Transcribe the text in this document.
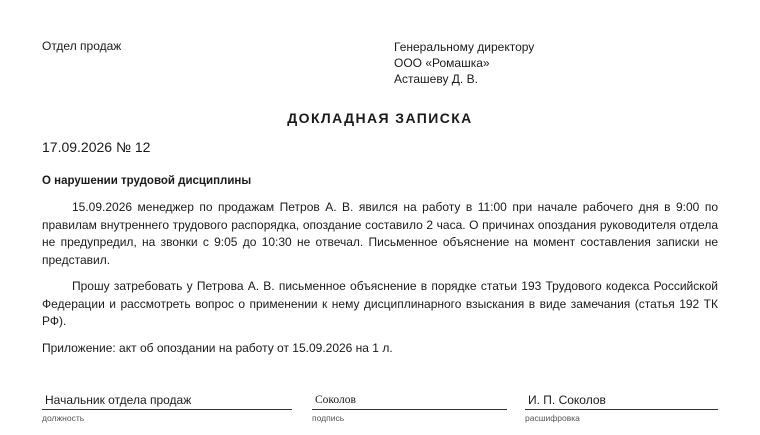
Отдел продаж	Генеральному директору
ООО «Ромашка»
Асташеву Д. В.
ДОКЛАДНАЯ ЗАПИСКА
17.09.2026 № 12
О нарушении трудовой дисциплины

15.09.2026 менеджер по продажам Петров А. В. явился на работу в 11:00 при начале рабочего дня в 9:00 по правилам внутреннего трудового распорядка, опоздание составило 2 часа. О причинах опоздания руководителя отдела не предупредил, на звонки с 9:05 до 10:30 не отвечал. Письменное объяснение на момент составления записки не представил.

Прошу затребовать у Петрова А. В. письменное объяснение в порядке статьи 193 Трудового кодекса Российской Федерации и рассмотреть вопрос о применении к нему дисциплинарного взыскания в виде замечания (статья 192 ТК РФ).

Приложение: акт об опоздании на работу от 15.09.2026 на 1 л.

Начальник отдела продаж
должность
Соколов
подпись
И. П. Соколов
расшифровка
